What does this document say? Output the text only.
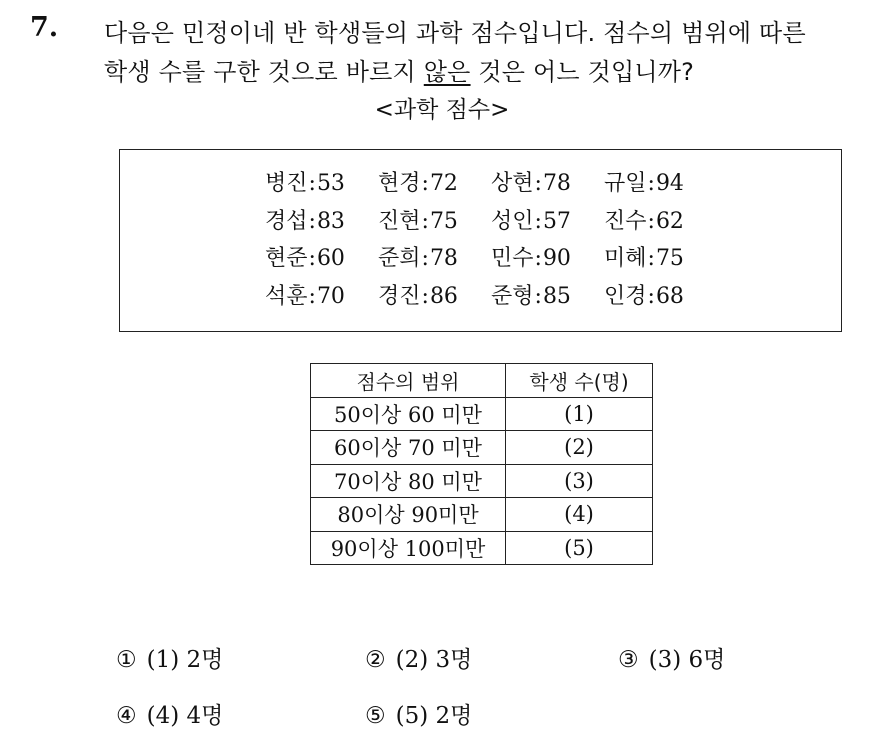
7. 다음은 민정이네 반 학생들의 과학 점수입니다. 점수의 범위에 따른
학생 수를 구한 것으로 바르지 않은 것은 어느 것입니까?
<과학 점수>
병진:53	현경:72	상현:78	규일:94
경섭:83	진현:75	성인:57	진수:62
현준:60	준희:78	민수:90	미혜:75
석훈:70	경진:86	준형:85	인경:68
점수의 범위	학생 수(명)
50이상 60 미만	(1)
60이상 70 미만	(2)
70이상 80 미만	(3)
80이상 90미만	(4)
90이상 100미만	(5)
① (1) 2명	② (2) 3명	③ (3) 6명
④ (4) 4명	⑤ (5) 2명
